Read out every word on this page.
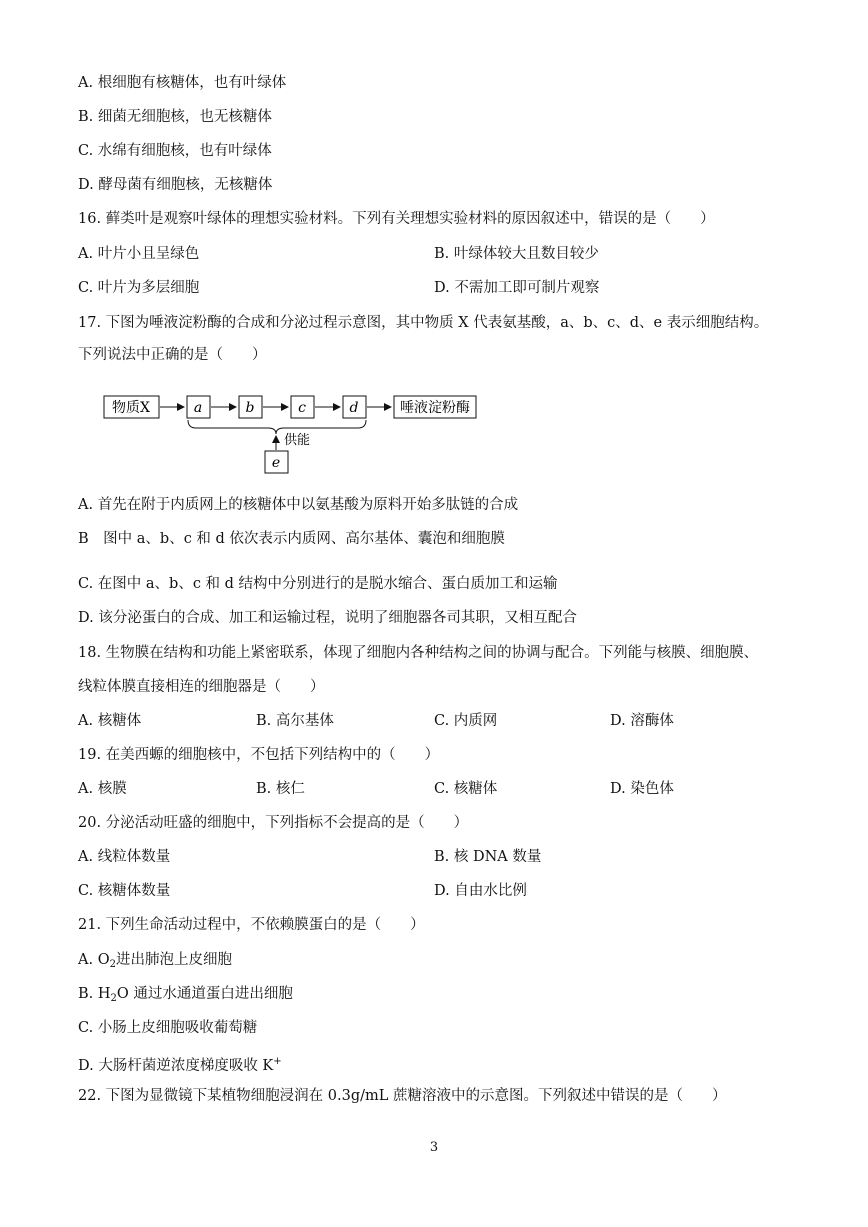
A. 根细胞有核糖体，也有叶绿体
B. 细菌无细胞核，也无核糖体
C. 水绵有细胞核，也有叶绿体
D. 酵母菌有细胞核，无核糖体
16. 藓类叶是观察叶绿体的理想实验材料。下列有关理想实验材料的原因叙述中，错误的是（　　）
A. 叶片小且呈绿色	B. 叶绿体较大且数目较少
C. 叶片为多层细胞	D. 不需加工即可制片观察
17. 下图为唾液淀粉酶的合成和分泌过程示意图，其中物质 X 代表氨基酸，a、b、c、d、e 表示细胞结构。
下列说法中正确的是（　　）
物质X	a	b	c	d	唾液淀粉酶
供能
e
A. 首先在附于内质网上的核糖体中以氨基酸为原料开始多肽链的合成
B　图中 a、b、c 和 d 依次表示内质网、高尔基体、囊泡和细胞膜
C. 在图中 a、b、c 和 d 结构中分别进行的是脱水缩合、蛋白质加工和运输
D. 该分泌蛋白的合成、加工和运输过程，说明了细胞器各司其职，又相互配合
18. 生物膜在结构和功能上紧密联系，体现了细胞内各种结构之间的协调与配合。下列能与核膜、细胞膜、
线粒体膜直接相连的细胞器是（　　）
A. 核糖体	B. 高尔基体	C. 内质网	D. 溶酶体
19. 在美西螈的细胞核中，不包括下列结构中的（　　）
A. 核膜	B. 核仁	C. 核糖体	D. 染色体
20. 分泌活动旺盛的细胞中，下列指标不会提高的是（　　）
A. 线粒体数量	B. 核 DNA 数量
C. 核糖体数量	D. 自由水比例
21. 下列生命活动过程中，不依赖膜蛋白的是（　　）
A. $O_2$进出肺泡上皮细胞
B. $H_2O$ 通过水通道蛋白进出细胞
C. 小肠上皮细胞吸收葡萄糖
D. 大肠杆菌逆浓度梯度吸收 K+
22. 下图为显微镜下某植物细胞浸润在 0.3g/mL 蔗糖溶液中的示意图。下列叙述中错误的是（　　）
3
